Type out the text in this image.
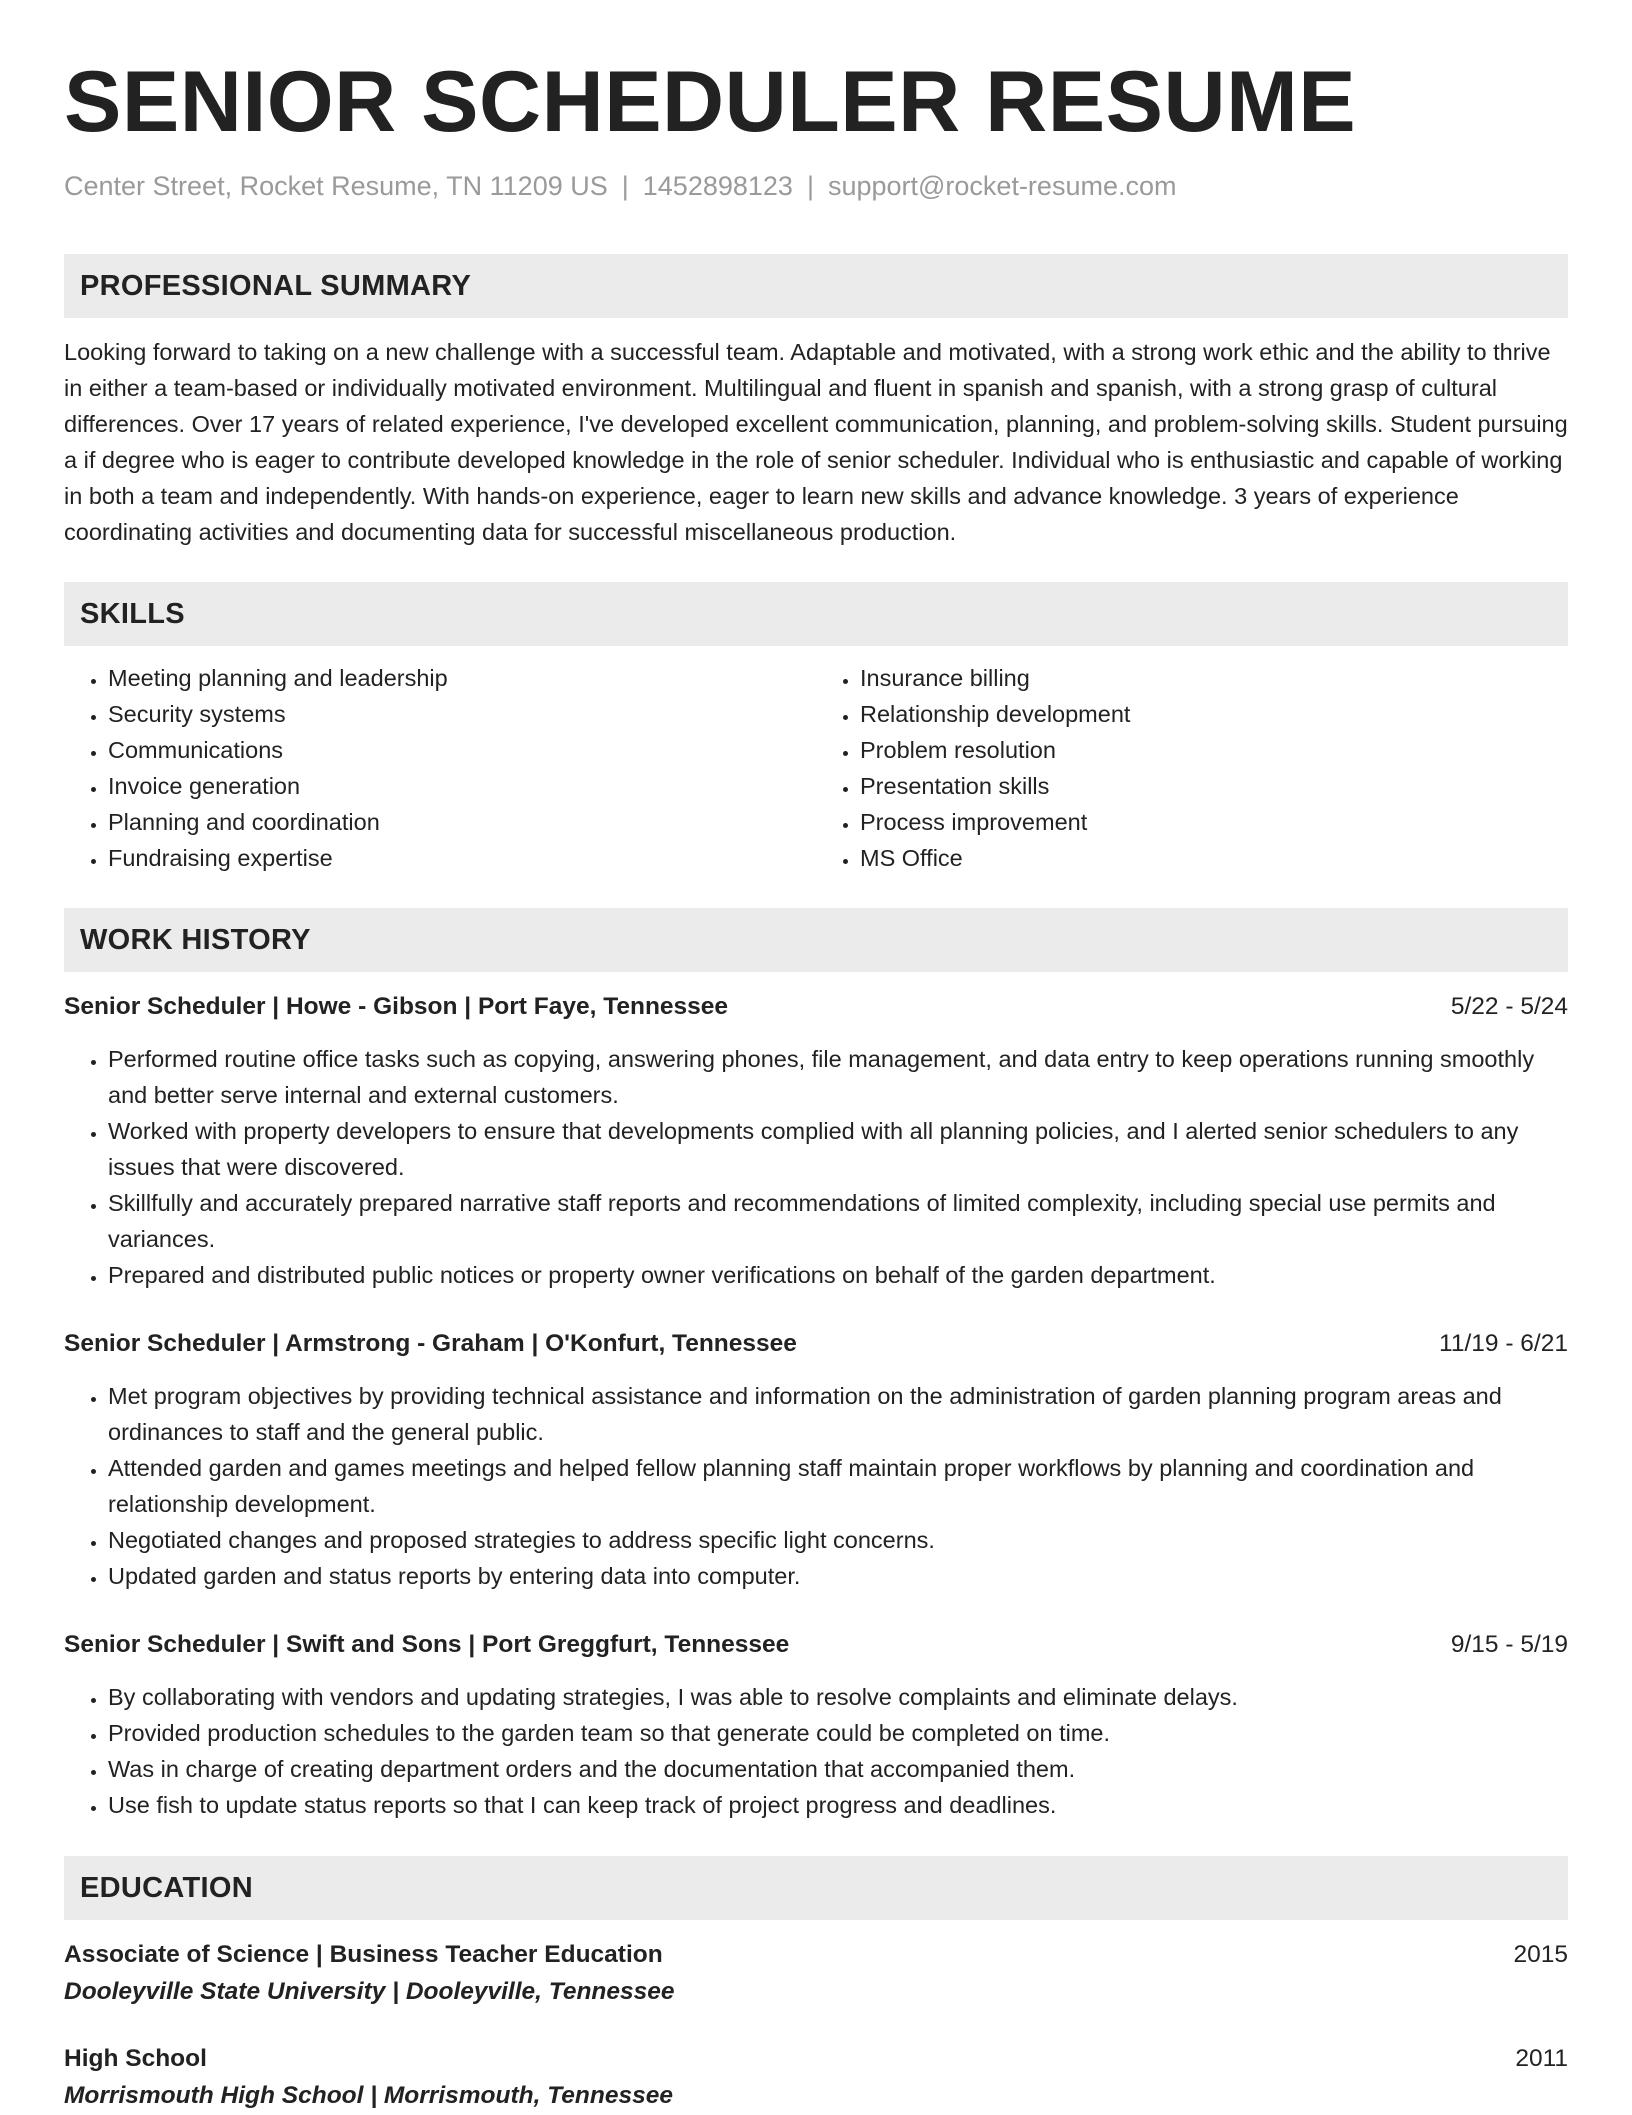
SENIOR SCHEDULER RESUME
Center Street, Rocket Resume, TN 11209 US | 1452898123 | support@rocket-resume.com
PROFESSIONAL SUMMARY

Looking forward to taking on a new challenge with a successful team. Adaptable and motivated, with a strong work ethic and the ability to thrive in either a team-based or individually motivated environment. Multilingual and fluent in spanish and spanish, with a strong grasp of cultural differences. Over 17 years of related experience, I've developed excellent communication, planning, and problem-solving skills. Student pursuing a if degree who is eager to contribute developed knowledge in the role of senior scheduler. Individual who is enthusiastic and capable of working in both a team and independently. With hands-on experience, eager to learn new skills and advance knowledge. 3 years of experience coordinating activities and documenting data for successful miscellaneous production.

SKILLS
• Meeting planning and leadership
• Security systems
• Communications
• Invoice generation
• Planning and coordination
• Fundraising expertise
• Insurance billing
• Relationship development
• Problem resolution
• Presentation skills
• Process improvement
• MS Office
WORK HISTORY
Senior Scheduler | Howe - Gibson | Port Faye, Tennessee	5/22 - 5/24
• Performed routine office tasks such as copying, answering phones, file management, and data entry to keep operations running smoothly and better serve internal and external customers.
• Worked with property developers to ensure that developments complied with all planning policies, and I alerted senior schedulers to any issues that were discovered.
• Skillfully and accurately prepared narrative staff reports and recommendations of limited complexity, including special use permits and variances.
• Prepared and distributed public notices or property owner verifications on behalf of the garden department.
Senior Scheduler | Armstrong - Graham | O'Konfurt, Tennessee	11/19 - 6/21
• Met program objectives by providing technical assistance and information on the administration of garden planning program areas and ordinances to staff and the general public.
• Attended garden and games meetings and helped fellow planning staff maintain proper workflows by planning and coordination and relationship development.
• Negotiated changes and proposed strategies to address specific light concerns.
• Updated garden and status reports by entering data into computer.
Senior Scheduler | Swift and Sons | Port Greggfurt, Tennessee	9/15 - 5/19
• By collaborating with vendors and updating strategies, I was able to resolve complaints and eliminate delays.
• Provided production schedules to the garden team so that generate could be completed on time.
• Was in charge of creating department orders and the documentation that accompanied them.
• Use fish to update status reports so that I can keep track of project progress and deadlines.
EDUCATION
Associate of Science | Business Teacher Education	2015
Dooleyville State University | Dooleyville, Tennessee
High School	2011
Morrismouth High School | Morrismouth, Tennessee
